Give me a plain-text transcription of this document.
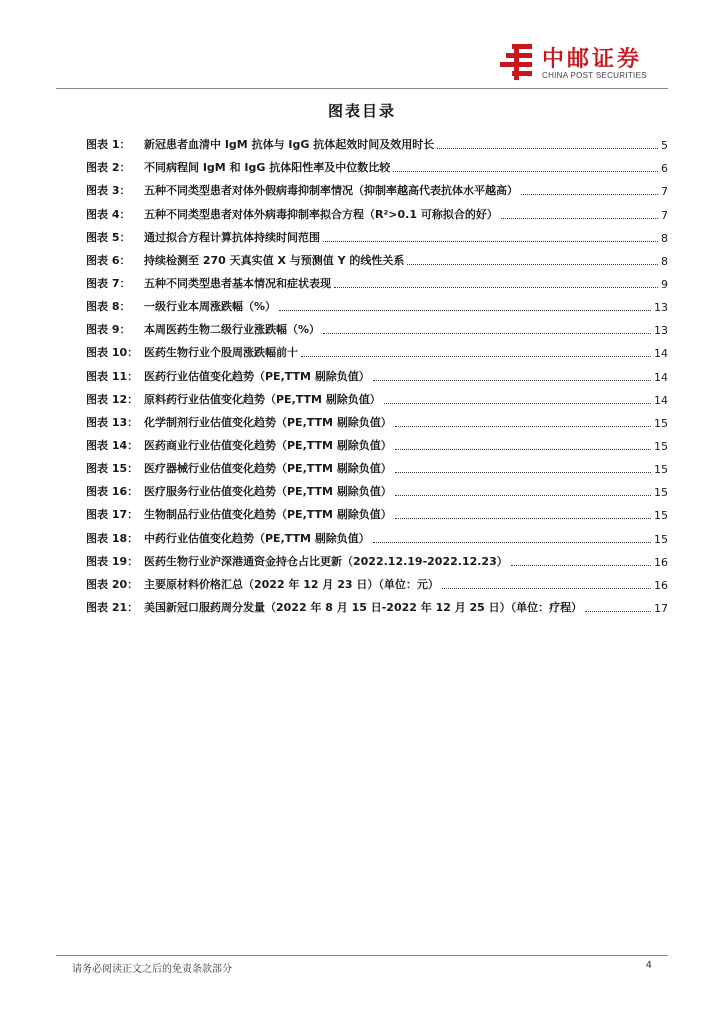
中邮证券
CHINA POST SECURITIES
图表目录
图表 1：	新冠患者血清中 IgM 抗体与 IgG 抗体起效时间及效用时长	5
图表 2：	不同病程间 IgM 和 IgG 抗体阳性率及中位数比较	6
图表 3：	五种不同类型患者对体外假病毒抑制率情况（抑制率越高代表抗体水平越高）	7
图表 4：	五种不同类型患者对体外病毒抑制率拟合方程（R²>0.1 可称拟合的好）	7
图表 5：	通过拟合方程计算抗体持续时间范围	8
图表 6：	持续检测至 270 天真实值 X 与预测值 Y 的线性关系	8
图表 7：	五种不同类型患者基本情况和症状表现	9
图表 8：	一级行业本周涨跌幅（%）	13
图表 9：	本周医药生物二级行业涨跌幅（%）	13
图表 10： 医药生物行业个股周涨跌幅前十	14
图表 11： 医药行业估值变化趋势（PE,TTM 剔除负值）	14
图表 12： 原料药行业估值变化趋势（PE,TTM 剔除负值）	14
图表 13： 化学制剂行业估值变化趋势（PE,TTM 剔除负值）	15
图表 14： 医药商业行业估值变化趋势（PE,TTM 剔除负值）	15
图表 15： 医疗器械行业估值变化趋势（PE,TTM 剔除负值）	15
图表 16： 医疗服务行业估值变化趋势（PE,TTM 剔除负值）	15
图表 17： 生物制品行业估值变化趋势（PE,TTM 剔除负值）	15
图表 18： 中药行业估值变化趋势（PE,TTM 剔除负值）	15
图表 19： 医药生物行业沪深港通资金持仓占比更新（2022.12.19-2022.12.23）	16
图表 20： 主要原材料价格汇总（2022 年 12 月 23 日）（单位：元）	16
图表 21： 美国新冠口服药周分发量（2022 年 8 月 15 日-2022 年 12 月 25 日）（单位：疗程）	17
请务必阅读正文之后的免责条款部分	4
